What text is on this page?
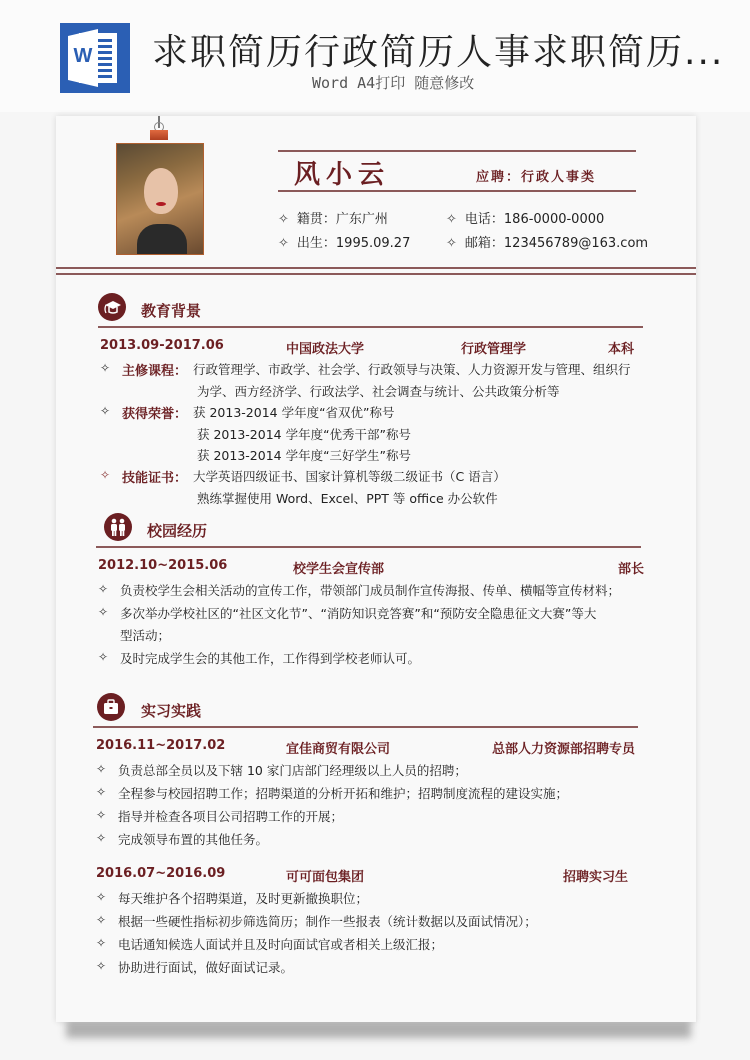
W 求职简历行政简历人事求职简历...
Word A4打印 随意修改
风小云	应聘：行政人事类
✧ 籍贯：广东广州
✧ 出生：1995.09.27
✧ 电话：186-0000-0000
✧ 邮箱：123456789@163.com
教育背景
2013.09-2017.06	中国政法大学	行政管理学	本科
✧ 主修课程： 行政管理学、市政学、社会学、行政领导与决策、人力资源开发与管理、组织行
为学、西方经济学、行政法学、社会调查与统计、公共政策分析等
✧ 获得荣誉： 获 2013-2014 学年度“省双优”称号
获 2013-2014 学年度“优秀干部”称号
获 2013-2014 学年度“三好学生”称号
✧ 技能证书： 大学英语四级证书、国家计算机等级二级证书（C 语言）
熟练掌握使用 Word、Excel、PPT 等 office 办公软件
校园经历
2012.10~2015.06	校学生会宣传部	部长
✧ 负责校学生会相关活动的宣传工作，带领部门成员制作宣传海报、传单、横幅等宣传材料；
✧ 多次举办学校社区的“社区文化节”、“消防知识竞答赛”和“预防安全隐患征文大赛”等大
型活动；
✧ 及时完成学生会的其他工作，工作得到学校老师认可。
实习实践
2016.11~2017.02	宜佳商贸有限公司	总部人力资源部招聘专员
✧ 负责总部全员以及下辖 10 家门店部门经理级以上人员的招聘；
✧ 全程参与校园招聘工作；招聘渠道的分析开拓和维护；招聘制度流程的建设实施；
✧ 指导并检查各项目公司招聘工作的开展；
✧ 完成领导布置的其他任务。
2016.07~2016.09	可可面包集团	招聘实习生
✧ 每天维护各个招聘渠道，及时更新撤换职位；
✧ 根据一些硬性指标初步筛选简历；制作一些报表（统计数据以及面试情况）；
✧ 电话通知候选人面试并且及时向面试官或者相关上级汇报；
✧ 协助进行面试，做好面试记录。
